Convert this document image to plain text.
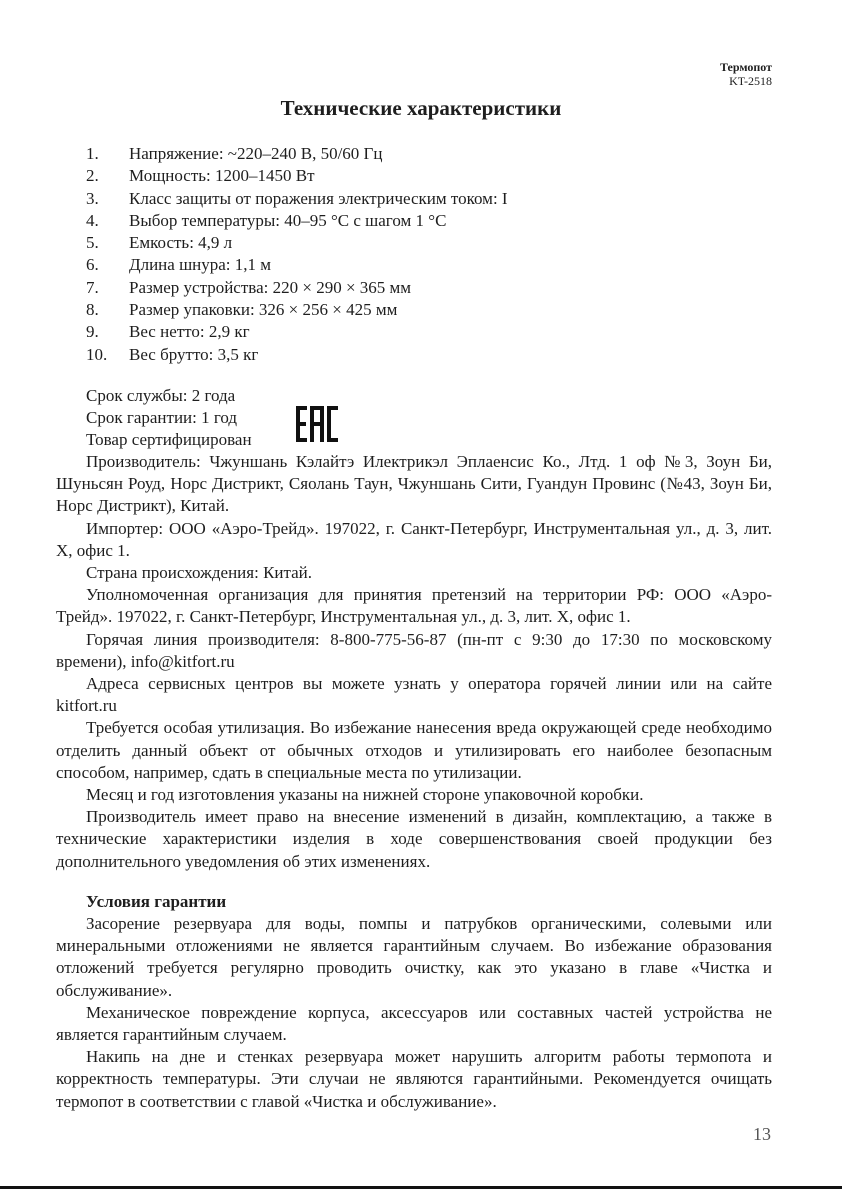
Термопот
KT-2518
Технические характеристики
1. Напряжение: ~220–240 В, 50/60 Гц
2. Мощность: 1200–1450 Вт
3. Класс защиты от поражения электрическим током: I
4. Выбор температуры: 40–95 °С с шагом 1 °С
5. Емкость: 4,9 л
6. Длина шнура: 1,1 м
7. Размер устройства: 220 × 290 × 365 мм
8. Размер упаковки: 326 × 256 × 425 мм
9. Вес нетто: 2,9 кг
10. Вес брутто: 3,5 кг
Срок службы: 2 года
Срок гарантии: 1 год
Товар сертифицирован

Производитель: Чжуншань Кэлайтэ Илектрикэл Эплаенсис Ко., Лтд. 1 оф №3, Зоун Би, Шуньсян Роуд, Норс Дистрикт, Сяолань Таун, Чжуншань Сити, Гуандун Провинс (№43, Зоун Би, Норс Дистрикт), Китай.

Импортер: ООО «Аэро-Трейд». 197022, г. Санкт-Петербург, Инструментальная ул., д. 3, лит. Х, офис 1.

Страна происхождения: Китай.

Уполномоченная организация для принятия претензий на территории РФ: ООО «Аэро-Трейд». 197022, г. Санкт-Петербург, Инструментальная ул., д. 3, лит. Х, офис 1.

Горячая линия производителя: 8-800-775-56-87 (пн-пт с 9:30 до 17:30 по московскому времени), info@kitfort.ru

Адреса сервисных центров вы можете узнать у оператора горячей линии или на сайте kitfort.ru

Требуется особая утилизация. Во избежание нанесения вреда окружающей среде необходимо отделить данный объект от обычных отходов и утилизировать его наиболее безопасным способом, например, сдать в специальные места по утилизации.

Месяц и год изготовления указаны на нижней стороне упаковочной коробки.

Производитель имеет право на внесение изменений в дизайн, комплектацию, а также в технические характеристики изделия в ходе совершенствования своей продукции без дополнительного уведомления об этих изменениях.

Условия гарантии

Засорение резервуара для воды, помпы и патрубков органическими, солевыми или минеральными отложениями не является гарантийным случаем. Во избежание образования отложений требуется регулярно проводить очистку, как это указано в главе «Чистка и обслуживание».

Механическое повреждение корпуса, аксессуаров или составных частей устройства не является гарантийным случаем.

Накипь на дне и стенках резервуара может нарушить алгоритм работы термопота и корректность температуры. Эти случаи не являются гарантийными. Рекомендуется очищать термопот в соответствии с главой «Чистка и обслуживание».

13
